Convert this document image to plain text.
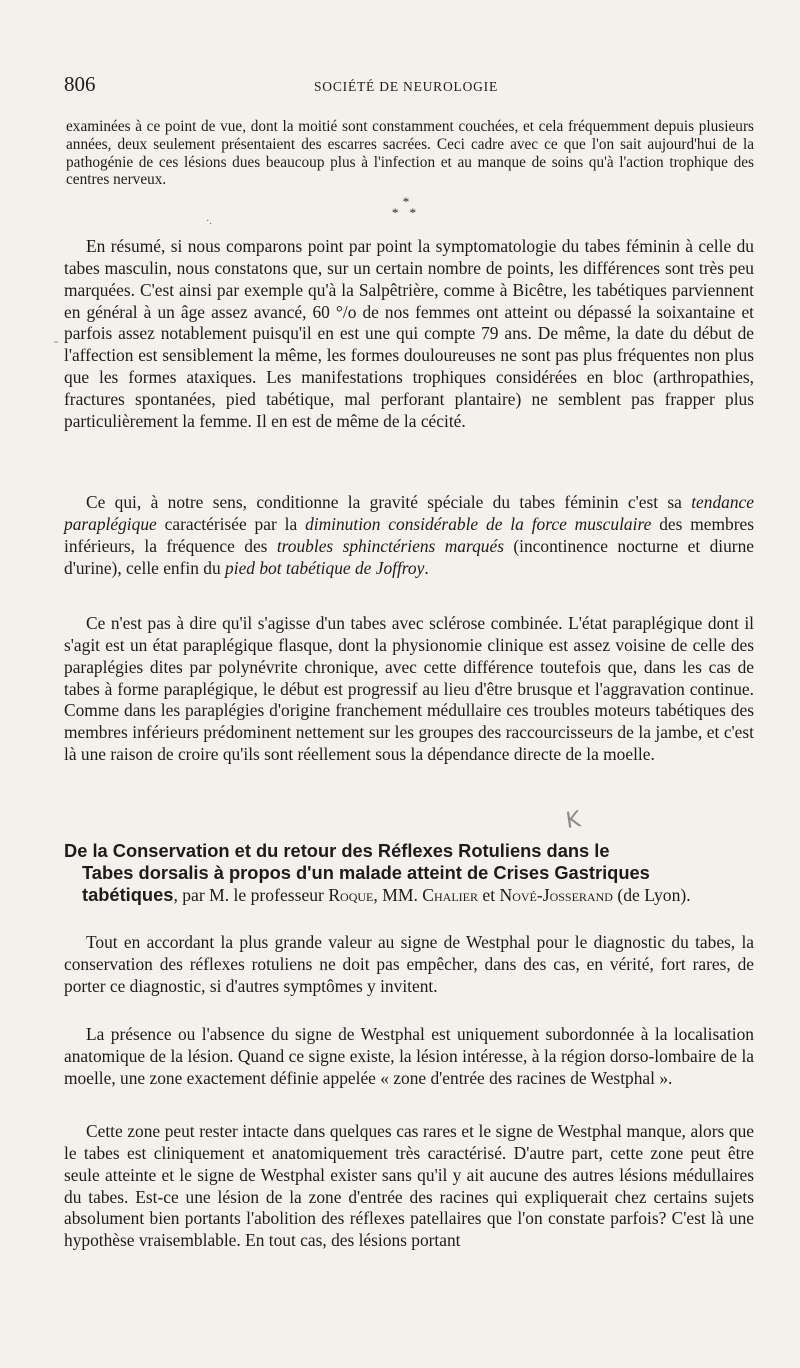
806	SOCIÉTÉ DE NEUROLOGIE
examinées à ce point de vue, dont la moitié sont constamment couchées, et cela fréquemment depuis plusieurs années, deux seulement présentaient des escarres sacrées. Ceci cadre avec ce que l'on sait aujourd'hui de la pathogénie de ces lésions dues beaucoup plus à l'infection et au manque de soins qu'à l'action trophique des centres nerveux.
*
* *
·.
-

En résumé, si nous comparons point par point la symptomatologie du tabes féminin à celle du tabes masculin, nous constatons que, sur un certain nombre de points, les différences sont très peu marquées. C'est ainsi par exemple qu'à la Salpêtrière, comme à Bicêtre, les tabétiques parviennent en général à un âge assez avancé, 60 °/o de nos femmes ont atteint ou dépassé la soixantaine et parfois assez notablement puisqu'il en est une qui compte 79 ans. De même, la date du début de l'affection est sensiblement la même, les formes douloureuses ne sont pas plus fréquentes non plus que les formes ataxiques. Les manifestations trophiques considérées en bloc (arthropathies, fractures spontanées, pied tabétique, mal perforant plantaire) ne semblent pas frapper plus particulièrement la femme. Il en est de même de la cécité.

Ce qui, à notre sens, conditionne la gravité spéciale du tabes féminin c'est sa tendance paraplégique caractérisée par la diminution considérable de la force musculaire des membres inférieurs, la fréquence des troubles sphinctériens marqués (incontinence nocturne et diurne d'urine), celle enfin du pied bot tabétique de Joffroy.

Ce n'est pas à dire qu'il s'agisse d'un tabes avec sclérose combinée. L'état paraplégique dont il s'agit est un état paraplégique flasque, dont la physionomie clinique est assez voisine de celle des paraplégies dites par polynévrite chronique, avec cette différence toutefois que, dans les cas de tabes à forme paraplégique, le début est progressif au lieu d'être brusque et l'aggravation continue. Comme dans les paraplégies d'origine franchement médullaire ces troubles moteurs tabétiques des membres inférieurs prédominent nettement sur les groupes des raccourcisseurs de la jambe, et c'est là une raison de croire qu'ils sont réellement sous la dépendance directe de la moelle.

K
De la Conservation et du retour des Réflexes Rotuliens dans le
Tabes dorsalis à propos d'un malade atteint de Crises Gastriques
tabétiques, par M. le professeur Roque, MM. Chalier et Nové-Josserand (de Lyon).

Tout en accordant la plus grande valeur au signe de Westphal pour le diagnostic du tabes, la conservation des réflexes rotuliens ne doit pas empêcher, dans des cas, en vérité, fort rares, de porter ce diagnostic, si d'autres symptômes y invitent.

La présence ou l'absence du signe de Westphal est uniquement subordonnée à la localisation anatomique de la lésion. Quand ce signe existe, la lésion intéresse, à la région dorso-lombaire de la moelle, une zone exactement définie appelée « zone d'entrée des racines de Westphal ».

Cette zone peut rester intacte dans quelques cas rares et le signe de Westphal manque, alors que le tabes est cliniquement et anatomiquement très caractérisé. D'autre part, cette zone peut être seule atteinte et le signe de Westphal exister sans qu'il y ait aucune des autres lésions médullaires du tabes. Est-ce une lésion de la zone d'entrée des racines qui expliquerait chez certains sujets absolument bien portants l'abolition des réflexes patellaires que l'on constate parfois? C'est là une hypothèse vraisemblable. En tout cas, des lésions portant
